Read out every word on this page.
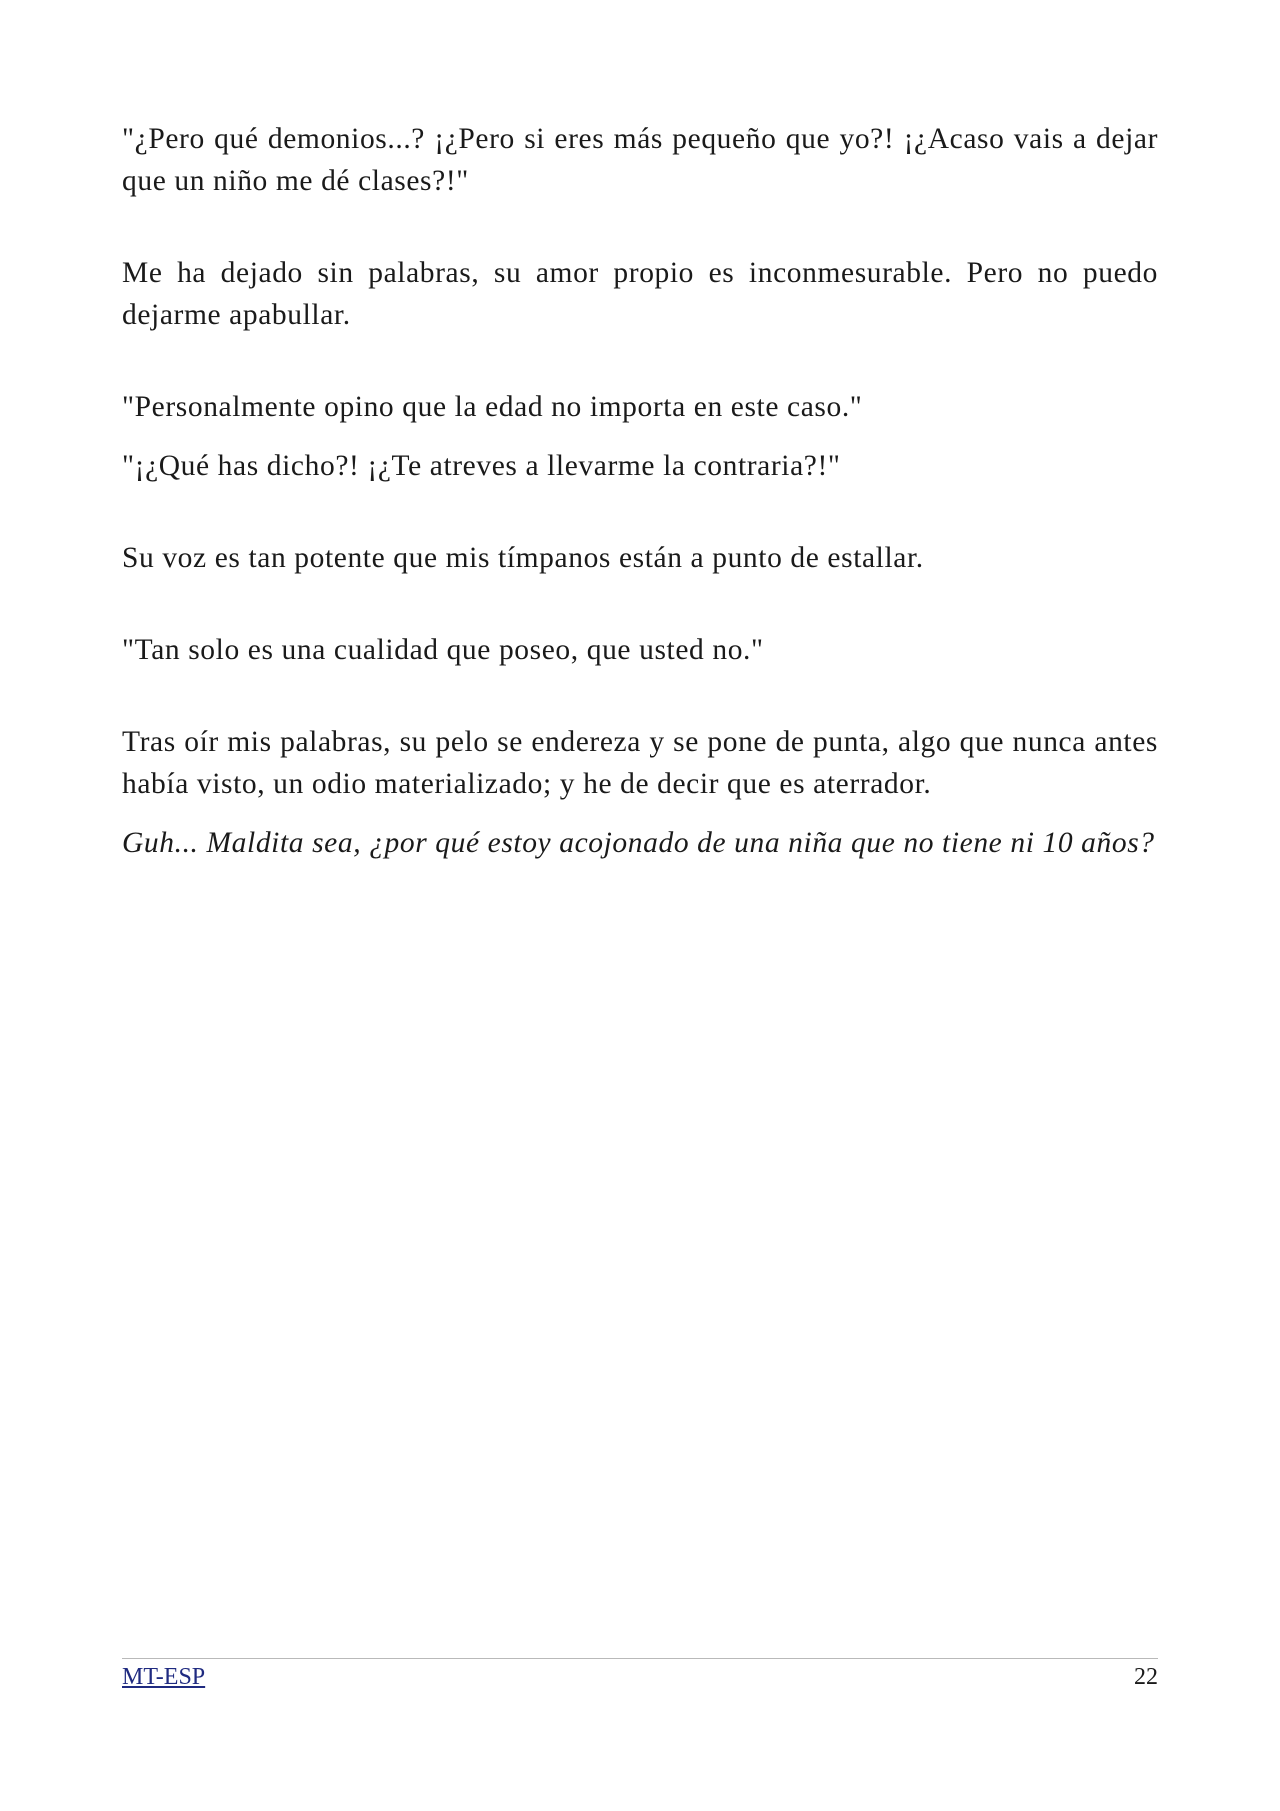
"¿Pero qué demonios...? ¡¿Pero si eres más pequeño que yo?! ¡¿Acaso vais a dejar que un niño me dé clases?!"

Me ha dejado sin palabras, su amor propio es inconmesurable. Pero no puedo dejarme apabullar.

"Personalmente opino que la edad no importa en este caso."

"¡¿Qué has dicho?! ¡¿Te atreves a llevarme la contraria?!"

Su voz es tan potente que mis tímpanos están a punto de estallar.

"Tan solo es una cualidad que poseo, que usted no."

Tras oír mis palabras, su pelo se endereza y se pone de punta, algo que nunca antes había visto, un odio materializado; y he de decir que es aterrador.

Guh... Maldita sea, ¿por qué estoy acojonado de una niña que no tiene ni 10 años?

MT-ESP	22
